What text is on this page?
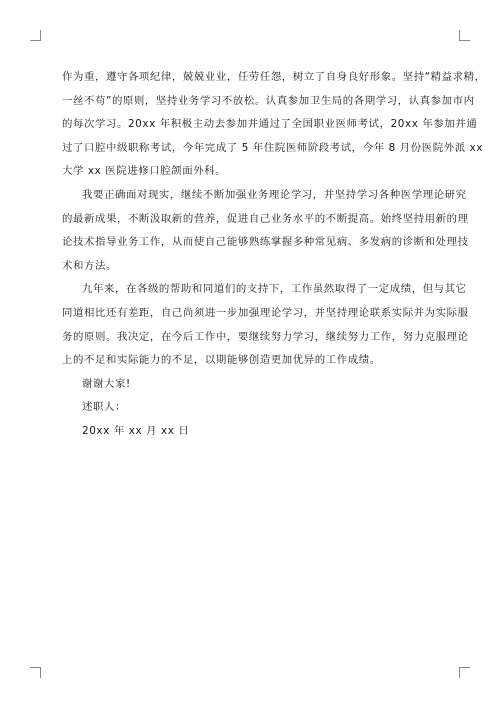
作为重，遵守各项纪律，兢兢业业，任劳任怨，树立了自身良好形象。坚持“精益求精，
一丝不苟”的原则，坚持业务学习不放松。认真参加卫生局的各期学习，认真参加市内
的每次学习。20xx 年积极主动去参加并通过了全国职业医师考试，20xx 年参加并通
过了口腔中级职称考试，今年完成了 5 年住院医师阶段考试，今年 8 月份医院外派 xx
大学 xx 医院进修口腔颌面外科。

我要正确面对现实，继续不断加强业务理论学习，并坚持学习各种医学理论研究
的最新成果，不断汲取新的营养，促进自己业务水平的不断提高。始终坚持用新的理
论技术指导业务工作，从而使自己能够熟练掌握多种常见病、多发病的诊断和处理技
术和方法。

九年来，在各级的帮助和同道们的支持下，工作虽然取得了一定成绩，但与其它
同道相比还有差距，自己尚须进一步加强理论学习，并坚持理论联系实际并为实际服
务的原则。我决定，在今后工作中，要继续努力学习，继续努力工作，努力克服理论
上的不足和实际能力的不足，以期能够创造更加优异的工作成绩。

谢谢大家!

述职人：

20xx 年 xx 月 xx 日
